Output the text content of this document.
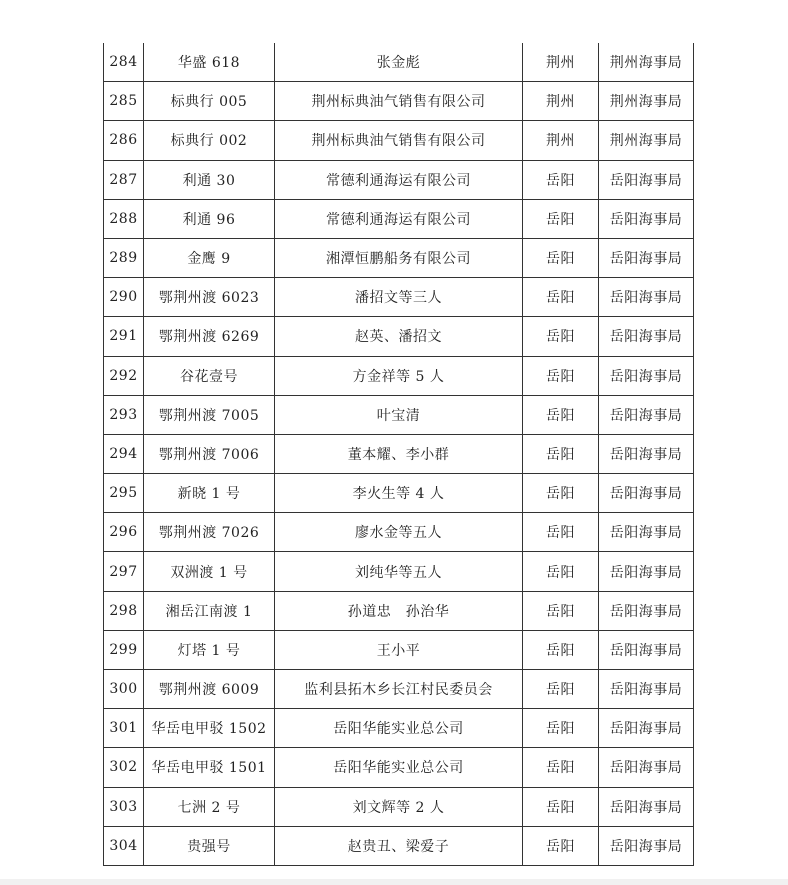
284	华盛 618	张金彪	荆州	荆州海事局
285	标典行 005	荆州标典油气销售有限公司	荆州	荆州海事局
286	标典行 002	荆州标典油气销售有限公司	荆州	荆州海事局
287	利通 30	常德利通海运有限公司	岳阳	岳阳海事局
288	利通 96	常德利通海运有限公司	岳阳	岳阳海事局
289	金鹰 9	湘潭恒鹏船务有限公司	岳阳	岳阳海事局
290	鄂荆州渡 6023	潘招文等三人	岳阳	岳阳海事局
291	鄂荆州渡 6269	赵英、潘招文	岳阳	岳阳海事局
292	谷花壹号	方金祥等 5 人	岳阳	岳阳海事局
293	鄂荆州渡 7005	叶宝清	岳阳	岳阳海事局
294	鄂荆州渡 7006	董本耀、李小群	岳阳	岳阳海事局
295	新晓 1 号	李火生等 4 人	岳阳	岳阳海事局
296	鄂荆州渡 7026	廖水金等五人	岳阳	岳阳海事局
297	双洲渡 1 号	刘纯华等五人	岳阳	岳阳海事局
298	湘岳江南渡 1	孙道忠　孙治华	岳阳	岳阳海事局
299	灯塔 1 号	王小平	岳阳	岳阳海事局
300	鄂荆州渡 6009	监利县拓木乡长江村民委员会	岳阳	岳阳海事局
301	华岳电甲驳 1502	岳阳华能实业总公司	岳阳	岳阳海事局
302	华岳电甲驳 1501	岳阳华能实业总公司	岳阳	岳阳海事局
303	七洲 2 号	刘文辉等 2 人	岳阳	岳阳海事局
304	贵强号	赵贵丑、梁爱子	岳阳	岳阳海事局
